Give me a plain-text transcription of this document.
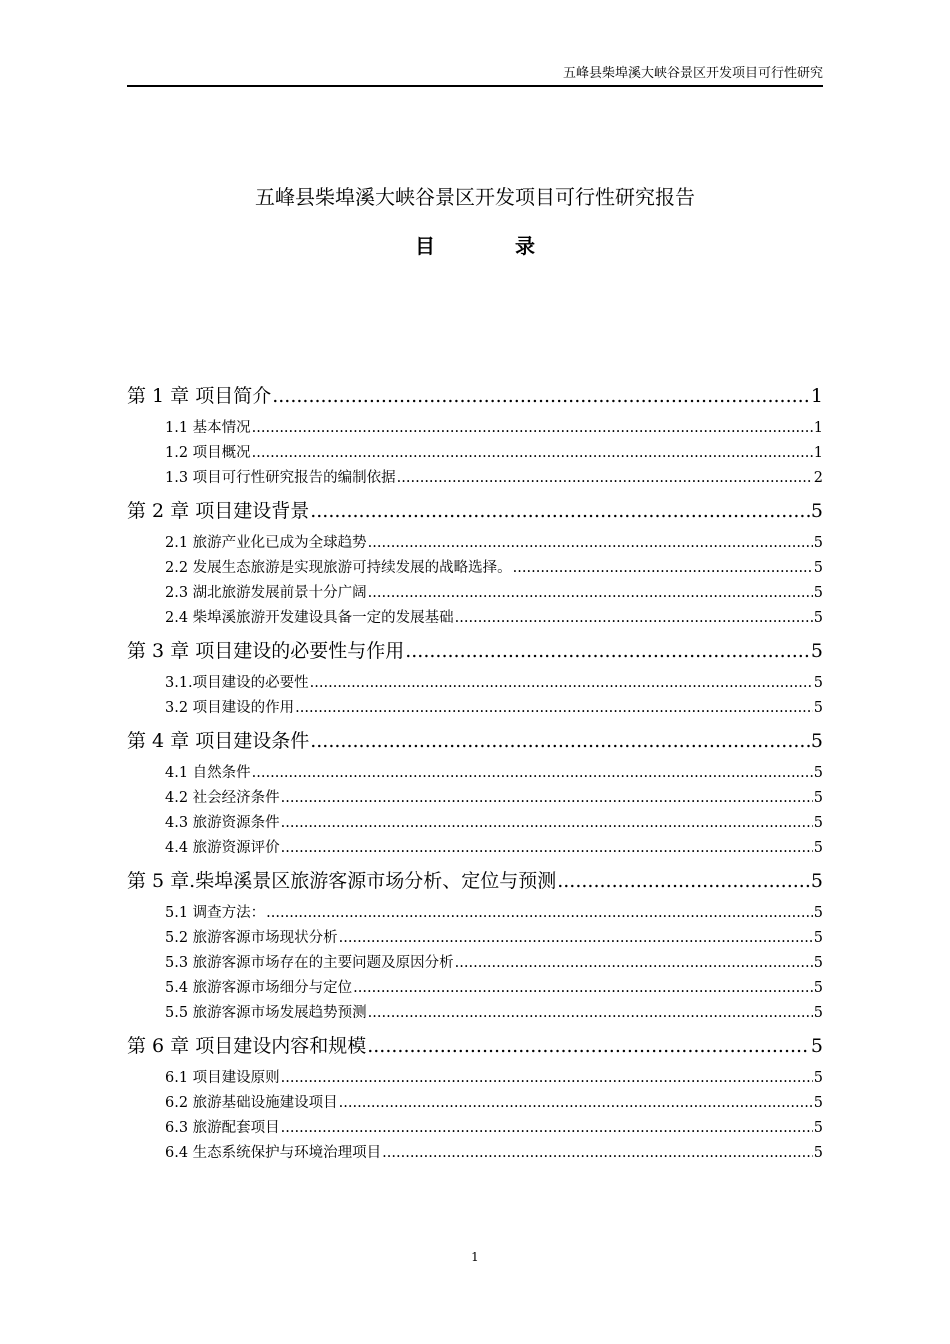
五峰县柴埠溪大峡谷景区开发项目可行性研究
五峰县柴埠溪大峡谷景区开发项目可行性研究报告
目	录
第 1 章 项目简介 .....	1
1.1 基本情况 .....	1
1.2 项目概况 .....	1
1.3 项目可行性研究报告的编制依据 .....	2
第 2 章 项目建设背景 .....	5
2.1 旅游产业化已成为全球趋势 .....	5
2.2 发展生态旅游是实现旅游可持续发展的战略选择。 .....	5
2.3 湖北旅游发展前景十分广阔 .....	5
2.4 柴埠溪旅游开发建设具备一定的发展基础 .....	5
第 3 章 项目建设的必要性与作用 .....	5
3.1.项目建设的必要性 .....	5
3.2 项目建设的作用 .....	5
第 4 章 项目建设条件 .....	5
4.1 自然条件 .....	5
4.2 社会经济条件 .....	5
4.3 旅游资源条件 .....	5
4.4 旅游资源评价 .....	5
第 5 章.柴埠溪景区旅游客源市场分析、定位与预测 .....	5
5.1 调查方法： .....	5
5.2 旅游客源市场现状分析 .....	5
5.3 旅游客源市场存在的主要问题及原因分析 .....	5
5.4 旅游客源市场细分与定位 .....	5
5.5 旅游客源市场发展趋势预测 .....	5
第 6 章 项目建设内容和规模 .....	5
6.1 项目建设原则 .....	5
6.2 旅游基础设施建设项目 .....	5
6.3 旅游配套项目 .....	5
6.4 生态系统保护与环境治理项目 .....	5
1
